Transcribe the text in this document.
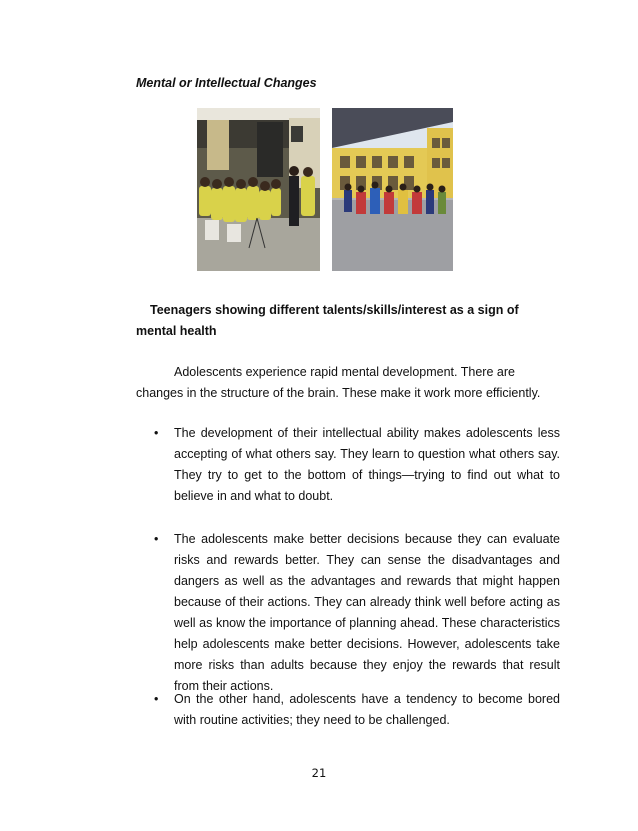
Mental or Intellectual Changes
Teenagers showing different talents/skills/interest as a sign of mental health
Adolescents experience rapid mental development. There are changes in the structure of the brain. These make it work more efficiently.
• The development of their intellectual ability makes adolescents less accepting of what others say. They learn to question what others say. They try to get to the bottom of things—trying to find out what to believe in and what to doubt.
• The adolescents make better decisions because they can evaluate risks and rewards better. They can sense the disadvantages and dangers as well as the advantages and rewards that might happen because of their actions. They can already think well before acting as well as know the importance of planning ahead. These characteristics help adolescents make better decisions. However, adolescents take more risks than adults because they enjoy the rewards that result from their actions.
• On the other hand, adolescents have a tendency to become bored with routine activities; they need to be challenged.
21
